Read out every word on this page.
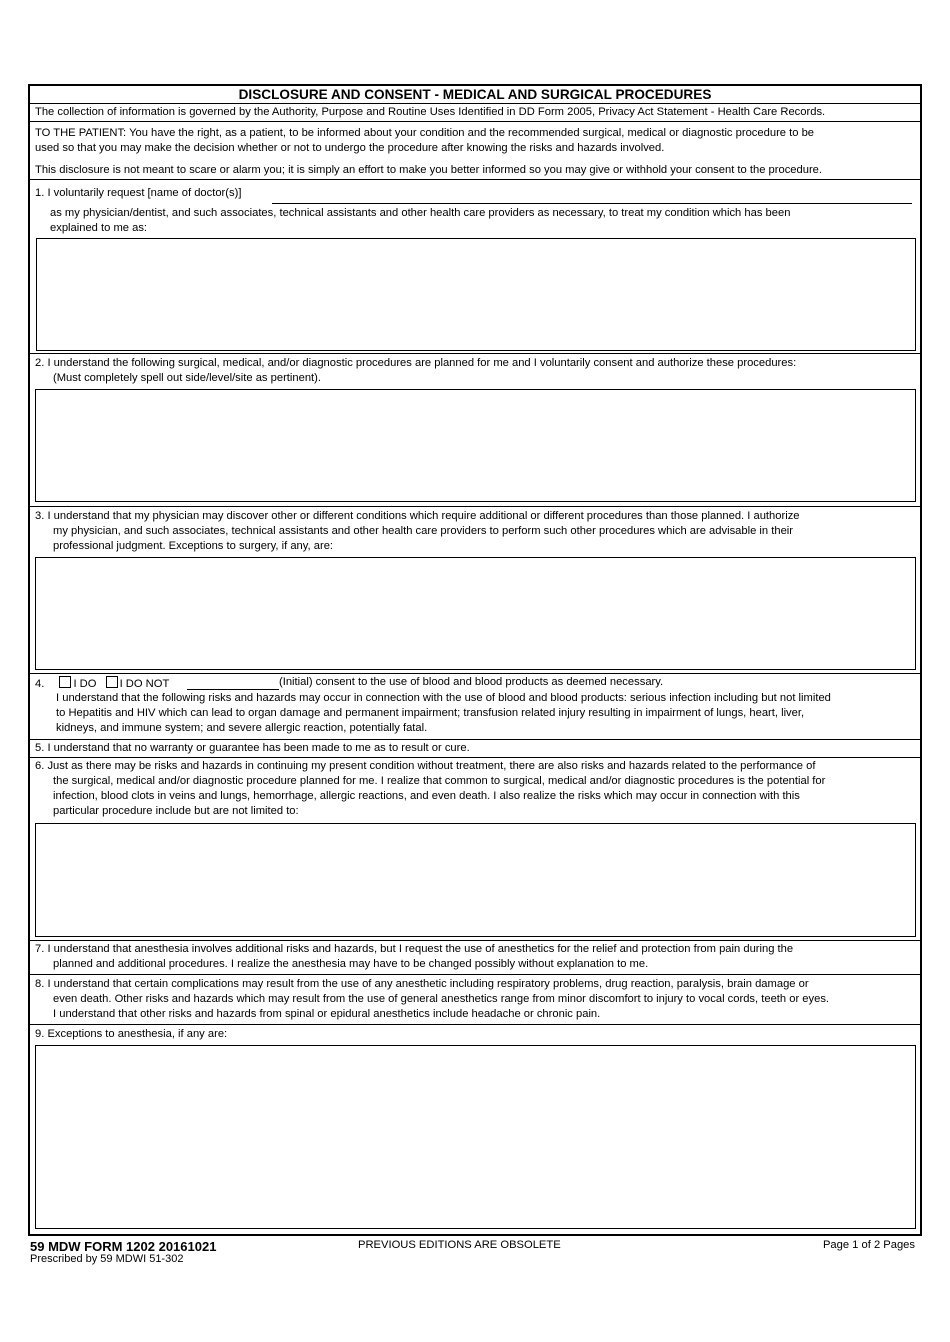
DISCLOSURE AND CONSENT - MEDICAL AND SURGICAL PROCEDURES
The collection of information is governed by the Authority, Purpose and Routine Uses Identified in DD Form 2005, Privacy Act Statement - Health Care Records.
TO THE PATIENT: You have the right, as a patient, to be informed about your condition and the recommended surgical, medical or diagnostic procedure to be
used so that you may make the decision whether or not to undergo the procedure after knowing the risks and hazards involved.
This disclosure is not meant to scare or alarm you; it is simply an effort to make you better informed so you may give or withhold your consent to the procedure.
1. I voluntarily request [name of doctor(s)]
as my physician/dentist, and such associates, technical assistants and other health care providers as necessary, to treat my condition which has been
explained to me as:
2. I understand the following surgical, medical, and/or diagnostic procedures are planned for me and I voluntarily consent and authorize these procedures:
(Must completely spell out side/level/site as pertinent).
3. I understand that my physician may discover other or different conditions which require additional or different procedures than those planned. I authorize
my physician, and such associates, technical assistants and other health care providers to perform such other procedures which are advisable in their
professional judgment. Exceptions to surgery, if any, are:
4.	I DO I DO NOT	(Initial) consent to the use of blood and blood products as deemed necessary.
I understand that the following risks and hazards may occur in connection with the use of blood and blood products: serious infection including but not limited
to Hepatitis and HIV which can lead to organ damage and permanent impairment; transfusion related injury resulting in impairment of lungs, heart, liver,
kidneys, and immune system; and severe allergic reaction, potentially fatal.
5. I understand that no warranty or guarantee has been made to me as to result or cure.
6. Just as there may be risks and hazards in continuing my present condition without treatment, there are also risks and hazards related to the performance of
the surgical, medical and/or diagnostic procedure planned for me. I realize that common to surgical, medical and/or diagnostic procedures is the potential for
infection, blood clots in veins and lungs, hemorrhage, allergic reactions, and even death. I also realize the risks which may occur in connection with this
particular procedure include but are not limited to:
7. I understand that anesthesia involves additional risks and hazards, but I request the use of anesthetics for the relief and protection from pain during the
planned and additional procedures. I realize the anesthesia may have to be changed possibly without explanation to me.
8. I understand that certain complications may result from the use of any anesthetic including respiratory problems, drug reaction, paralysis, brain damage or
even death. Other risks and hazards which may result from the use of general anesthetics range from minor discomfort to injury to vocal cords, teeth or eyes.
I understand that other risks and hazards from spinal or epidural anesthetics include headache or chronic pain.
9. Exceptions to anesthesia, if any are:
59 MDW FORM 1202 20161021
Prescribed by 59 MDWI 51-302
PREVIOUS EDITIONS ARE OBSOLETE	Page 1 of 2 Pages
